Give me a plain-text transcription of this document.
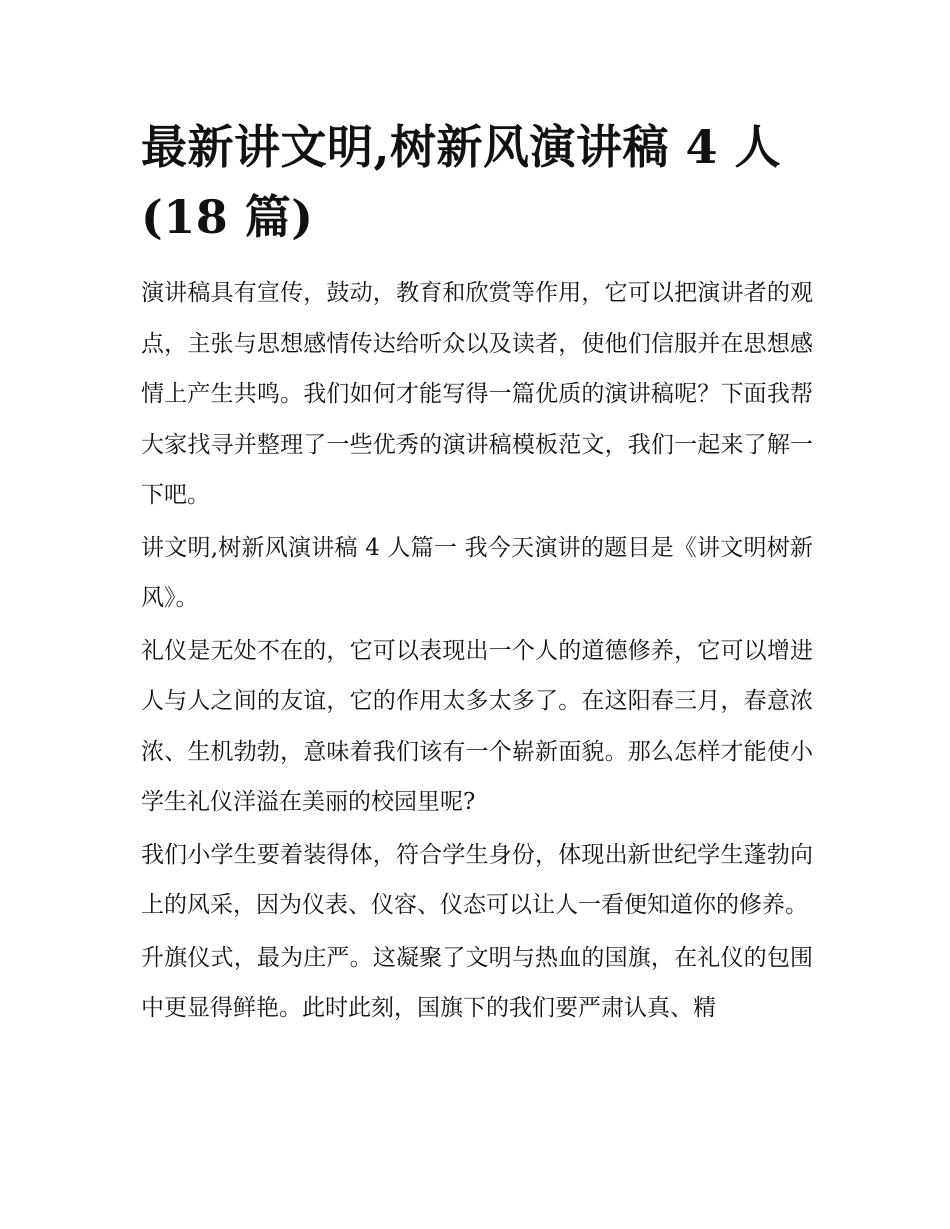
最新讲文明,树新风演讲稿 4 人(18 篇)

演讲稿具有宣传，鼓动，教育和欣赏等作用，它可以把演讲者的观点，主张与思想感情传达给听众以及读者，使他们信服并在思想感情上产生共鸣。我们如何才能写得一篇优质的演讲稿呢？下面我帮大家找寻并整理了一些优秀的演讲稿模板范文，我们一起来了解一下吧。

讲文明,树新风演讲稿 4 人篇一 我今天演讲的题目是《讲文明树新风》。

礼仪是无处不在的，它可以表现出一个人的道德修养，它可以增进人与人之间的友谊，它的作用太多太多了。在这阳春三月，春意浓浓、生机勃勃，意味着我们该有一个崭新面貌。那么怎样才能使小学生礼仪洋溢在美丽的校园里呢?

我们小学生要着装得体，符合学生身份，体现出新世纪学生蓬勃向上的风采，因为仪表、仪容、仪态可以让人一看便知道你的修养。

升旗仪式，最为庄严。这凝聚了文明与热血的国旗，在礼仪的包围中更显得鲜艳。此时此刻，国旗下的我们要严肃认真、精
